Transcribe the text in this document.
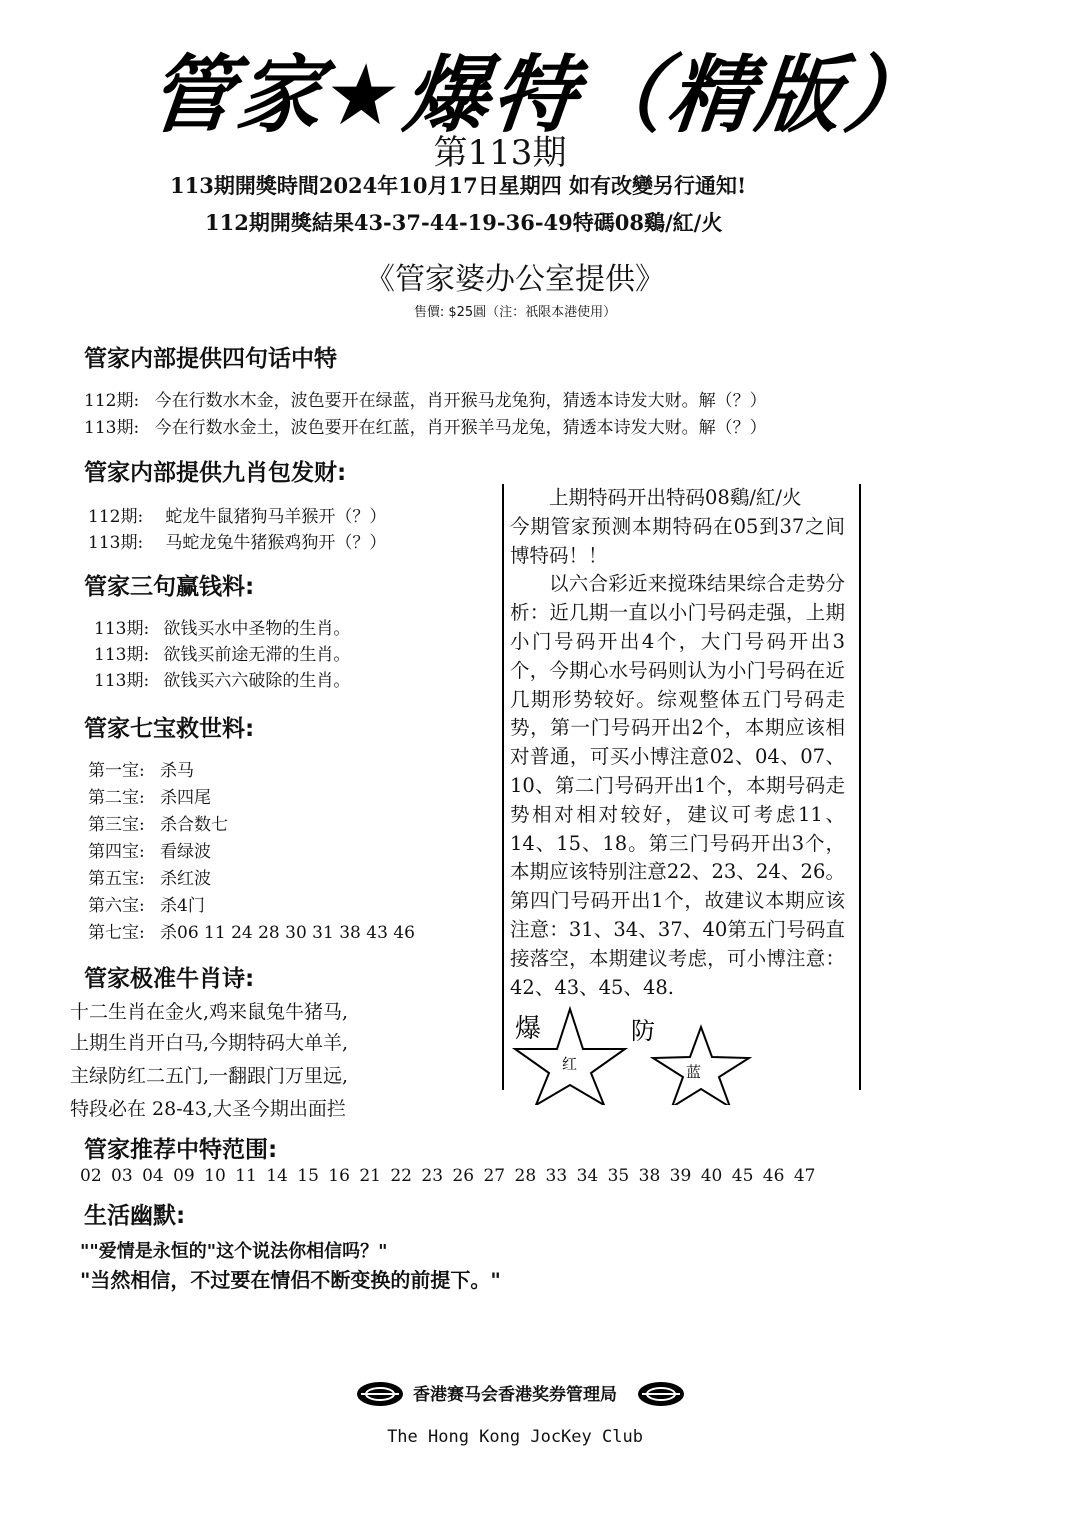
管家★爆特（精版）
第113期
113期開獎時間2024年10月17日星期四 如有改變另行通知!
112期開獎結果43-37-44-19-36-49特碼08鷄/紅/火
《管家婆办公室提供》
售價: $25圓（注：祇限本港使用）
管家内部提供四句话中特
112期: 今在行数水木金，波色要开在绿蓝，肖开猴马龙兔狗，猜透本诗发大财。解（？）
113期: 今在行数水金土，波色要开在红蓝，肖开猴羊马龙兔，猜透本诗发大财。解（？）
管家内部提供九肖包发财:
112期: 蛇龙牛鼠猪狗马羊猴开（？）
113期: 马蛇龙兔牛猪猴鸡狗开（？）
管家三句赢钱料:
113期: 欲钱买水中圣物的生肖。
113期: 欲钱买前途无滞的生肖。
113期: 欲钱买六六破除的生肖。
管家七宝救世料:
第一宝: 杀马
第二宝: 杀四尾
第三宝: 杀合数七
第四宝: 看绿波
第五宝: 杀红波
第六宝: 杀4门
第七宝: 杀06 11 24 28 30 31 38 43 46
管家极准牛肖诗:
十二生肖在金火,鸡来鼠兔牛猪马,
上期生肖开白马,今期特码大单羊,
主绿防红二五门,一翻跟门万里远,
特段必在 28-43,大圣今期出面拦

上期特码开出特码08鷄/紅/火

今期管家预测本期特码在05到37之间博特码！！

以六合彩近来搅珠结果综合走势分析：近几期一直以小门号码走强，上期小门号码开出4个，大门号码开出3个，今期心水号码则认为小门号码在近几期形势较好。综观整体五门号码走势，第一门号码开出2个，本期应该相对普通，可买小博注意02、04、07、10、第二门号码开出1个，本期号码走势相对相对较好，建议可考虑11、14、15、18。第三门号码开出3个，本期应该特别注意22、23、24、26。第四门号码开出1个，故建议本期应该注意：31、34、37、40第五门号码直接落空，本期建议考虑，可小博注意：42、43、45、48.

爆
红
防
蓝
管家推荐中特范围:
02 03 04 09 10 11 14 15 16 21 22 23 26 27 28 33 34 35 38 39 40 45 46 47
生活幽默:
""爱情是永恒的"这个说法你相信吗？"
"当然相信，不过要在情侣不断变换的前提下。"
香港赛马会香港奖券管理局
The Hong Kong JocKey Club
